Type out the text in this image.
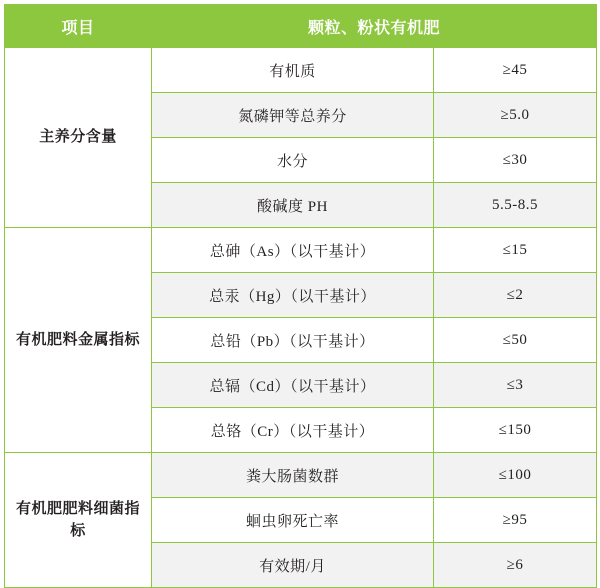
项目	颗粒、粉状有机肥	
主养分含量	有机质	≥45
	氮磷钾等总养分	≥5.0
	水分	≤30
	酸碱度 PH	5.5-8.5
有机肥料金属指标	总砷（As）（以干基计）	≤15
	总汞（Hg）（以干基计）	≤2
	总铅（Pb）（以干基计）	≤50
	总镉（Cd）（以干基计）	≤3
	总铬（Cr）（以干基计）	≤150
有机肥肥料细菌指标	粪大肠菌数群	≤100
	蛔虫卵死亡率	≥95
	有效期/月	≥6
